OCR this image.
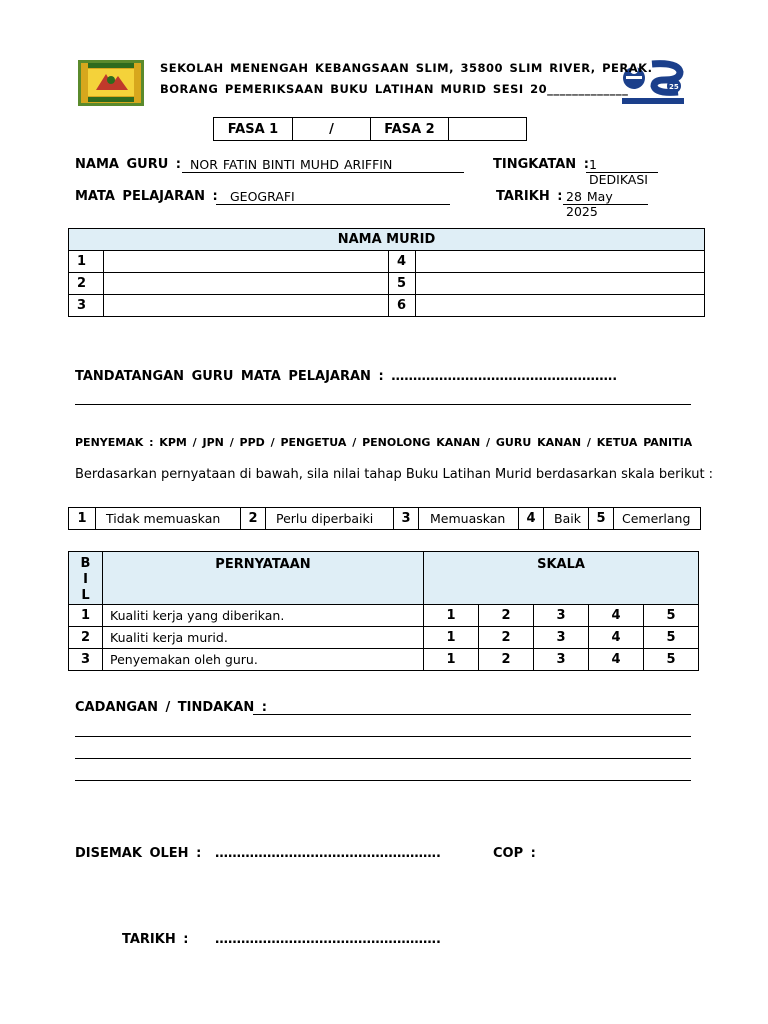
25
SEKOLAH MENENGAH KEBANGSAAN SLIM, 35800 SLIM RIVER, PERAK.
BORANG PEMERIKSAAN BUKU LATIHAN MURID SESI 20_____________
FASA 1	/	FASA 2	
NAMA GURU : NOR FATIN BINTI MUHD ARIFFIN	TINGKATAN : 1 DEDIKASI
MATA PELAJARAN : GEOGRAFI	TARIKH : 28 May 2025
NAMA MURID			
1		4	
2		5	
3		6	
TANDATANGAN GURU MATA PELAJARAN : …………………………………………….
PENYEMAK : KPM / JPN / PPD / PENGETUA / PENOLONG KANAN / GURU KANAN / KETUA PANITIA
Berdasarkan pernyataan di bawah, sila nilai tahap Buku Latihan Murid berdasarkan skala berikut :
1	Tidak memuaskan	2	Perlu diperbaiki	3	Memuaskan	4	Baik	5	Cemerlang
BIL	PERNYATAAN	SKALA				
1	Kualiti kerja yang diberikan.	1	2	3	4	5
2	Kualiti kerja murid.	1	2	3	4	5
3	Penyemakan oleh guru.	1	2	3	4	5
CADANGAN / TINDAKAN :
DISEMAK OLEH : …………………………………………….	COP :
TARIKH : …………………………………………….
